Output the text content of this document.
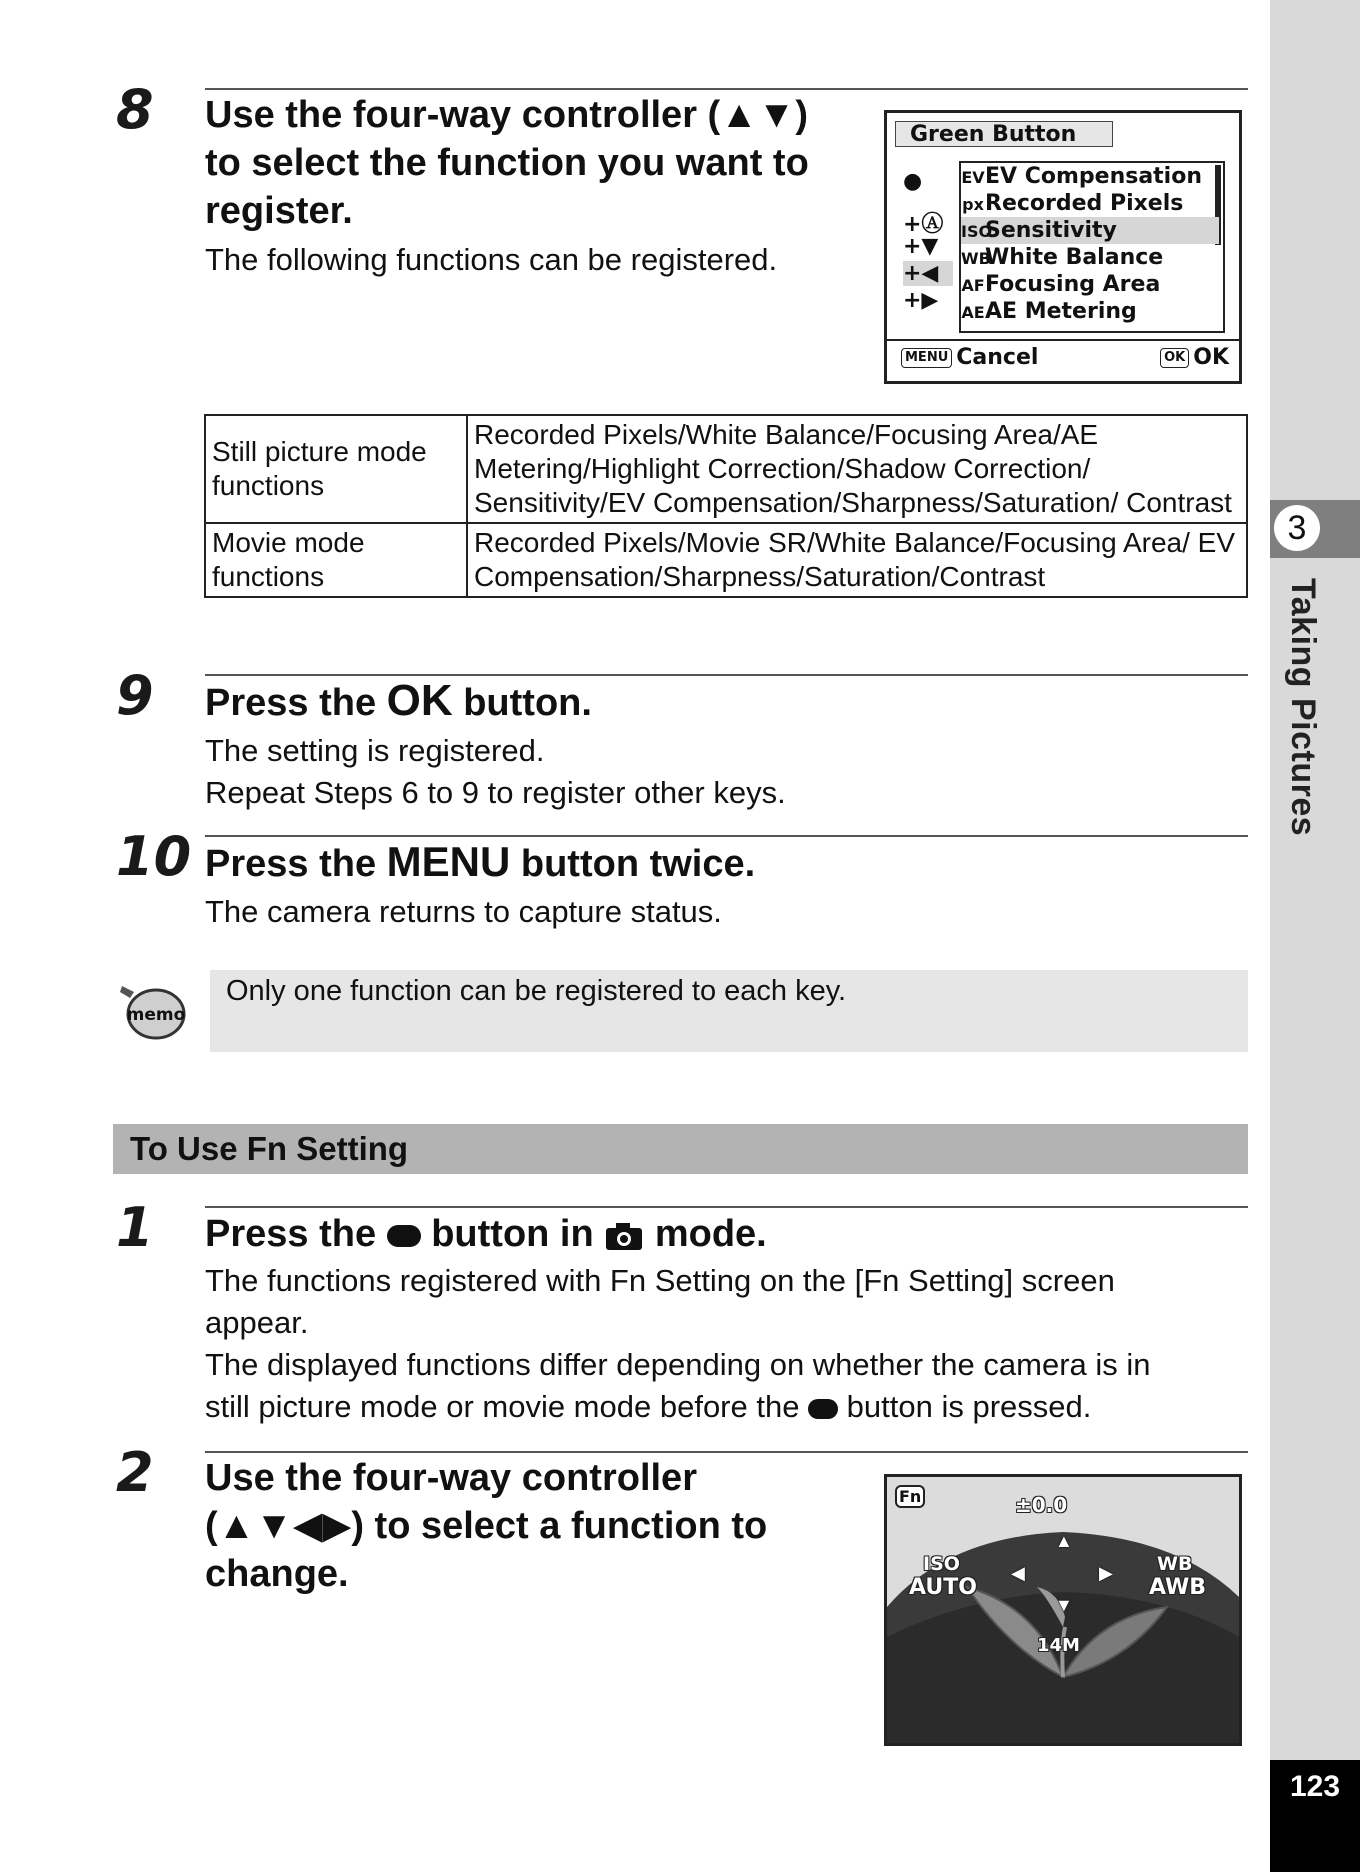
3
Taking Pictures
123
8 Use the four-way controller (▲▼)
to select the function you want to
register.
The following functions can be registered.
Green Button
●
+Ⓐ
+▼
+◀
+▶
EVEV Compensation
pxRecorded Pixels
ISOSensitivity
WBWhite Balance
AFFocusing Area
AEAE Metering
MENU Cancel	OK OK
Still picture mode functions	Recorded Pixels/White Balance/Focusing Area/AE Metering/Highlight Correction/Shadow Correction/ Sensitivity/EV Compensation/Sharpness/Saturation/ Contrast
Movie mode functions	Recorded Pixels/Movie SR/White Balance/Focusing Area/ EV Compensation/Sharpness/Saturation/Contrast
9 Press the OK button.
The setting is registered.
Repeat Steps 6 to 9 to register other keys.
10 Press the MENU button twice.
The camera returns to capture status.
memo
Only one function can be registered to each key.
To Use Fn Setting
1 Press the  button in  mode.
The functions registered with Fn Setting on the [Fn Setting] screen
appear.
The displayed functions differ depending on whether the camera is in
still picture mode or movie mode before the  button is pressed.
2 Use the four-way controller
(▲▼◀▶) to select a function to
change.
Fn	±0.0
▲
▼
◀	▶
ISO
AUTO
WB
AWB
14M
